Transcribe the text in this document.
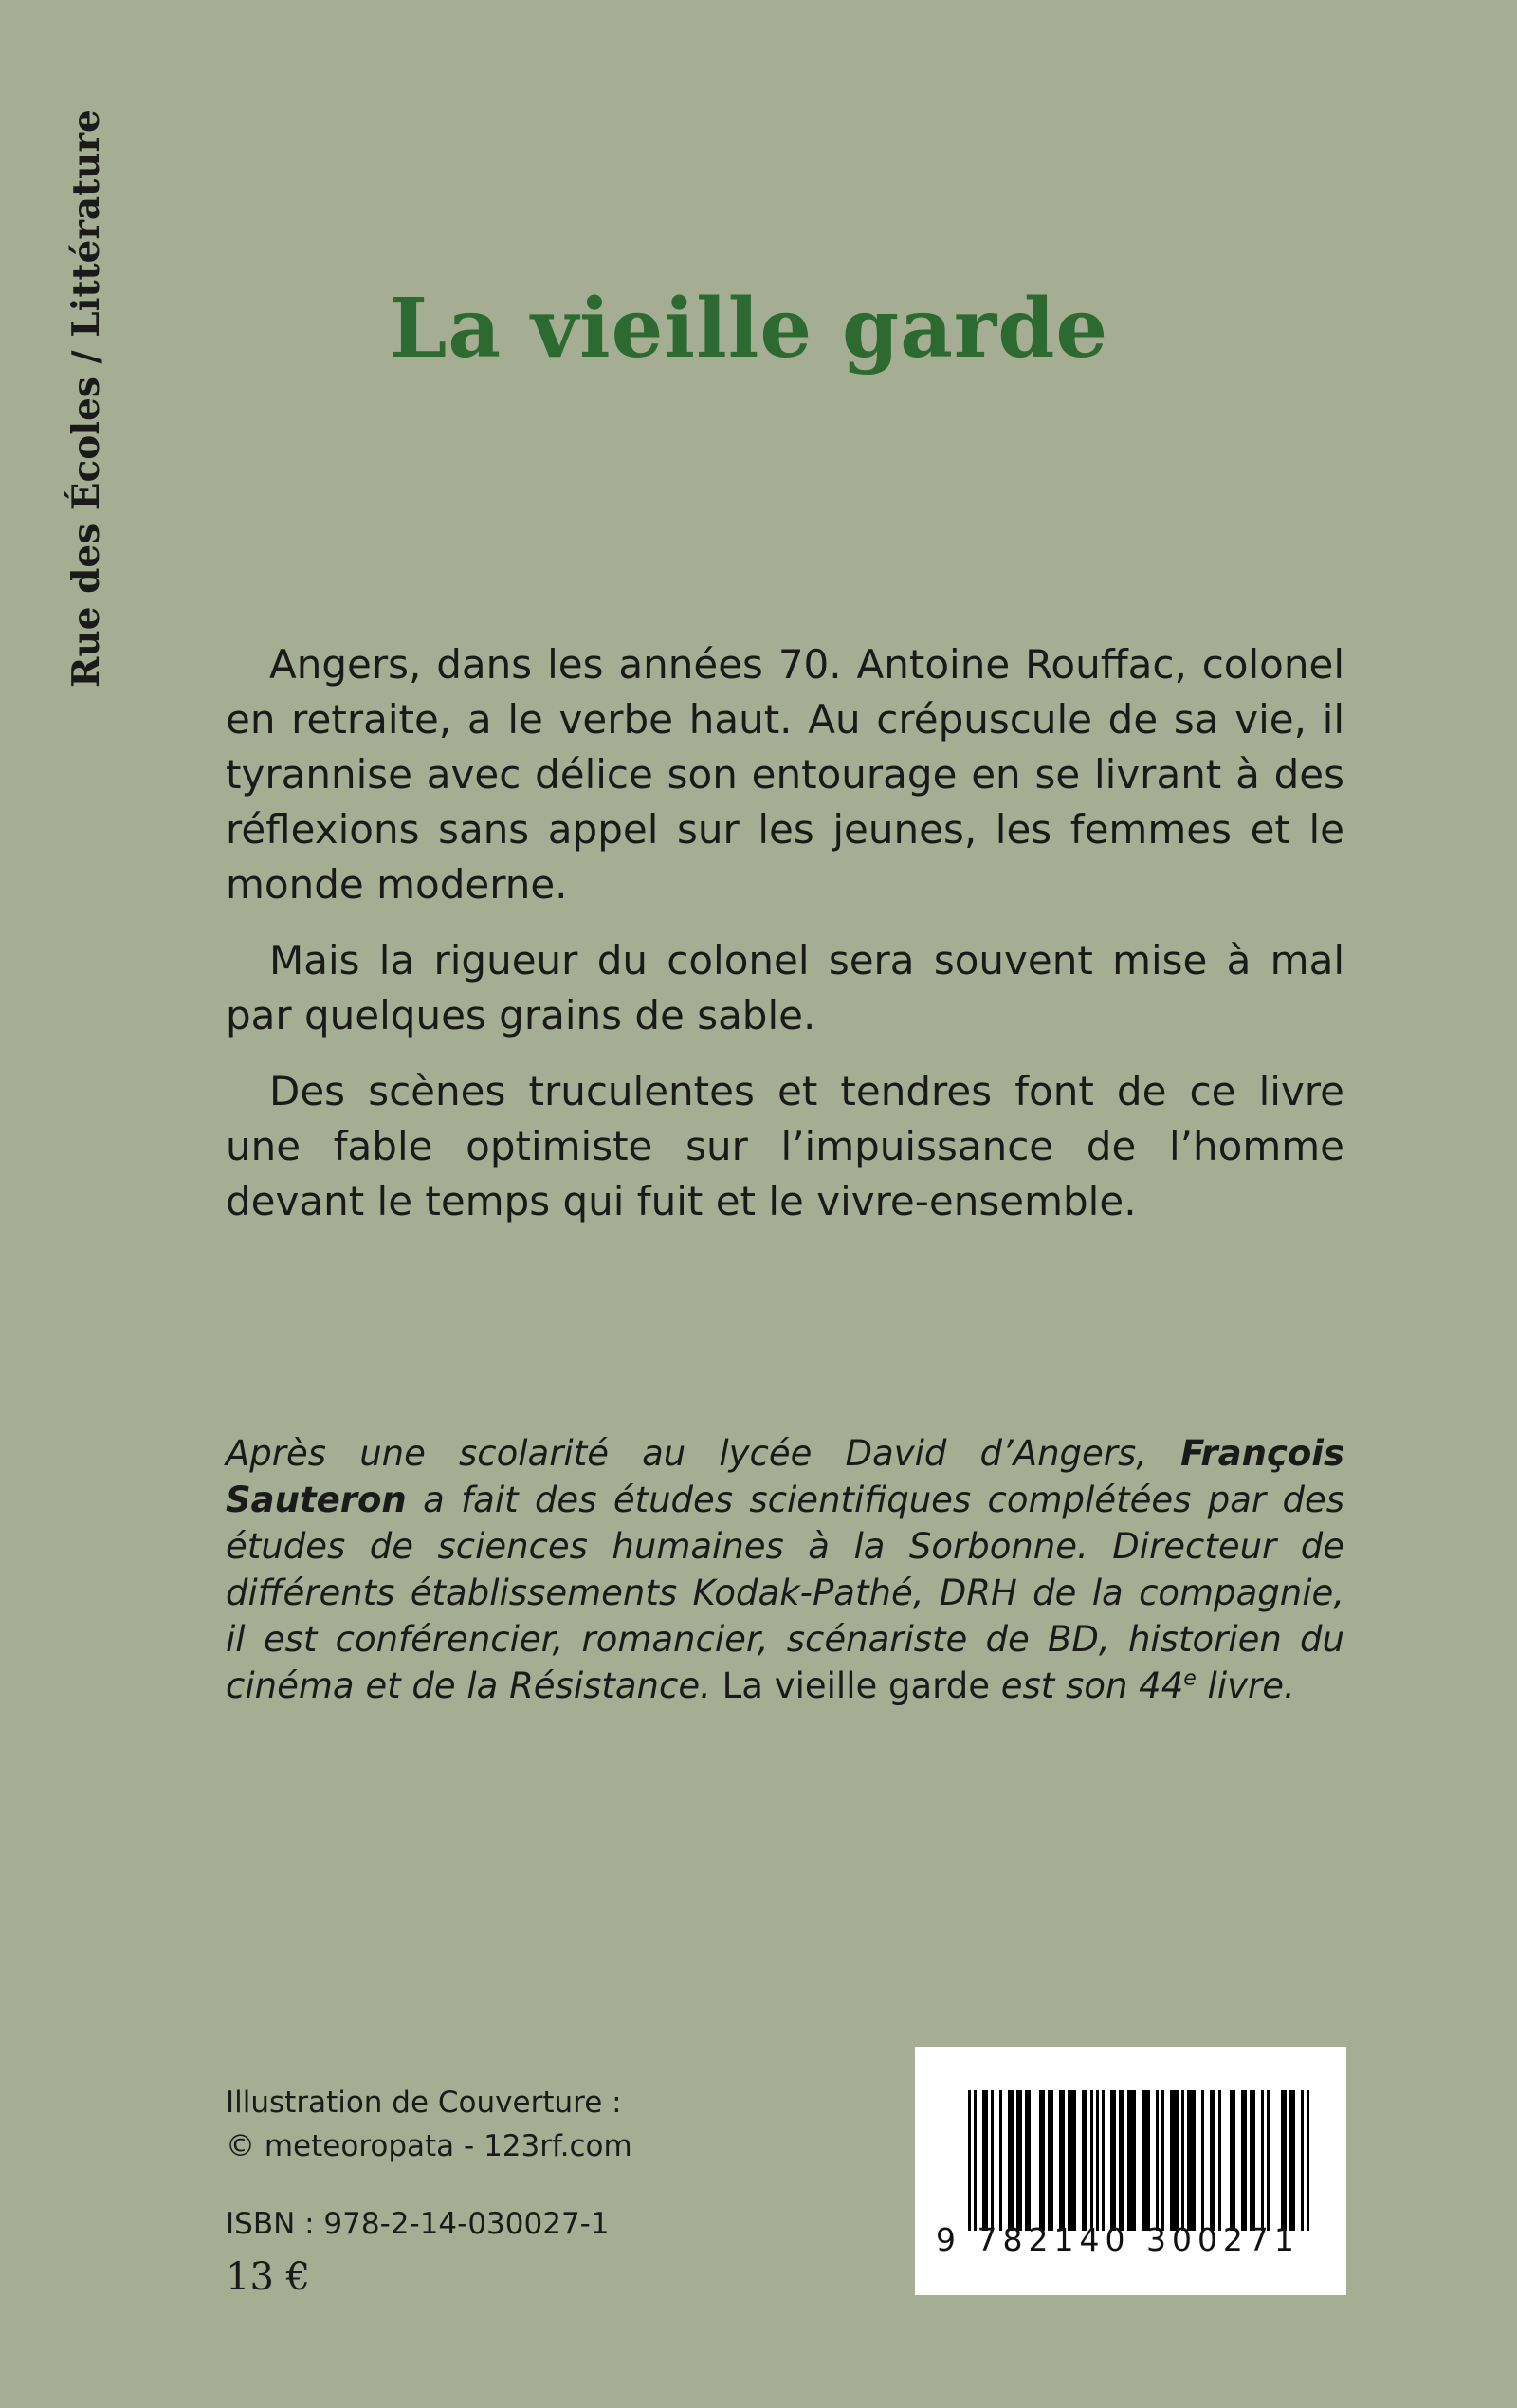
Rue des Écoles / Littérature	La vieille garde

Angers, dans les années 70. Antoine Rouffac, colonel en retraite, a le verbe haut. Au crépuscule de sa vie, il tyrannise avec délice son entourage en se livrant à des réflexions sans appel sur les jeunes, les femmes et le monde moderne.

Mais la rigueur du colonel sera souvent mise à mal par quelques grains de sable.

Des scènes truculentes et tendres font de ce livre une fable optimiste sur l’impuissance de l’homme devant le temps qui fuit et le vivre-ensemble.

Après une scolarité au lycée David d’Angers, François Sauteron a fait des études scientifiques complétées par des études de sciences humaines à la Sorbonne. Directeur de différents établissements Kodak-Pathé, DRH de la compagnie, il est conférencier, romancier, scénariste de BD, historien du cinéma et de la Résistance. La vieille garde est son 44e livre.
Illustration de Couverture :
© meteoropata - 123rf.com
ISBN : 978-2-14-030027-1
13 €
9 782140 300271
